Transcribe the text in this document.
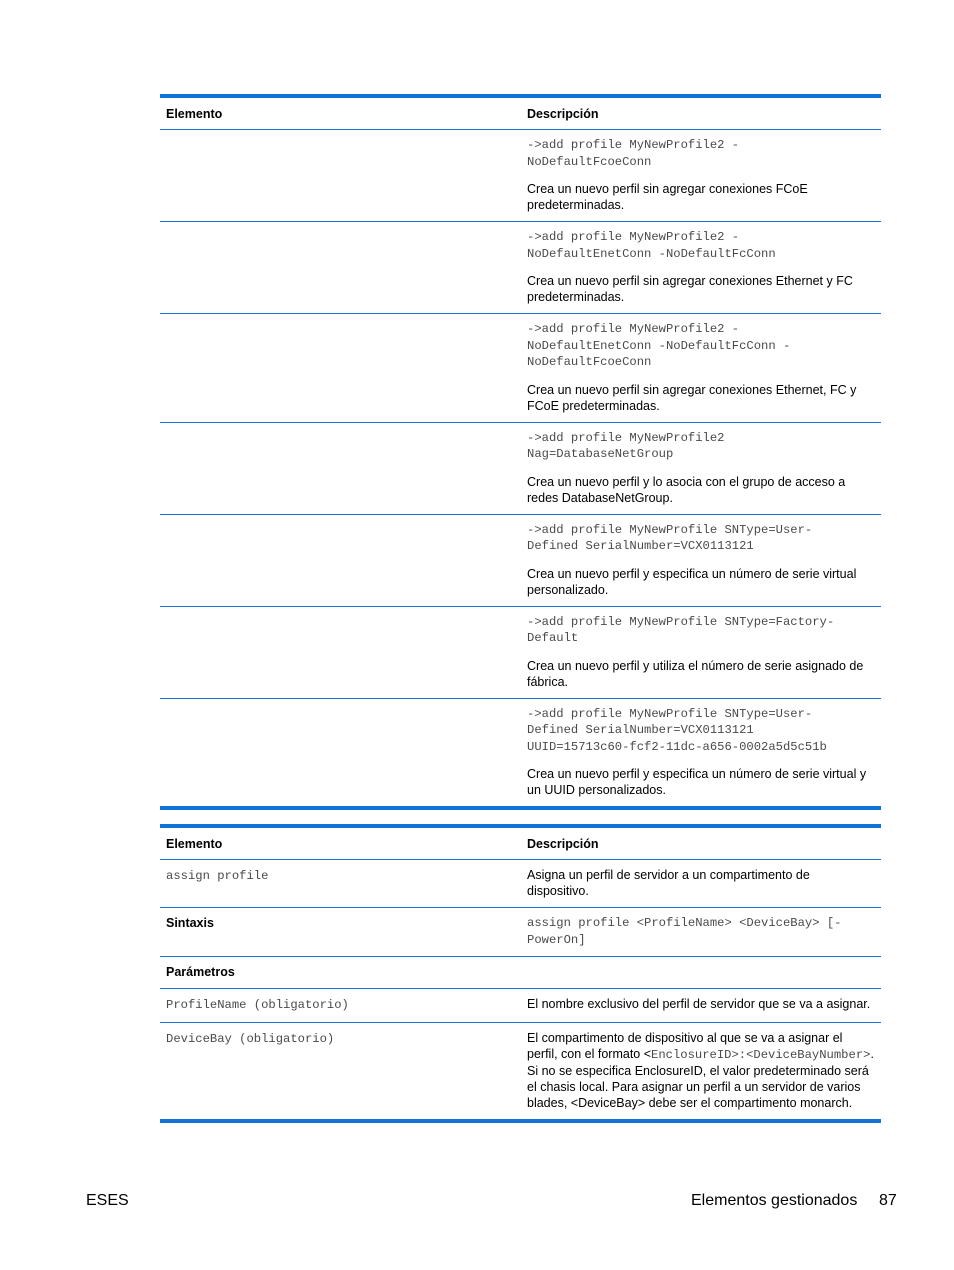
Elemento	Descripción

	->add profile MyNewProfile2 -
NoDefaultFcoeConn
Crea un nuevo perfil sin agregar conexiones FCoE predeterminadas.

	->add profile MyNewProfile2 -
NoDefaultEnetConn -NoDefaultFcConn
Crea un nuevo perfil sin agregar conexiones Ethernet y FC predeterminadas.

	->add profile MyNewProfile2 -
NoDefaultEnetConn -NoDefaultFcConn -
NoDefaultFcoeConn
Crea un nuevo perfil sin agregar conexiones Ethernet, FC y FCoE predeterminadas.

	->add profile MyNewProfile2
Nag=DatabaseNetGroup
Crea un nuevo perfil y lo asocia con el grupo de acceso a redes DatabaseNetGroup.

	->add profile MyNewProfile SNType=User-
Defined SerialNumber=VCX0113121
Crea un nuevo perfil y especifica un número de serie virtual personalizado.

	->add profile MyNewProfile SNType=Factory-
Default
Crea un nuevo perfil y utiliza el número de serie asignado de fábrica.

	->add profile MyNewProfile SNType=User-
Defined SerialNumber=VCX0113121
UUID=15713c60-fcf2-11dc-a656-0002a5d5c51b
Crea un nuevo perfil y especifica un número de serie virtual y un UUID personalizados.
Elemento	Descripción
assign profile	Asigna un perfil de servidor a un compartimento de dispositivo.
Sintaxis	assign profile <ProfileName> <DeviceBay> [-
PowerOn]

Parámetros	
ProfileName (obligatorio)	El nombre exclusivo del perfil de servidor que se va a asignar.
DeviceBay (obligatorio)	El compartimento de dispositivo al que se va a asignar el perfil, con el formato <EnclosureID>:<DeviceBayNumber>. Si no se especifica EnclosureID, el valor predeterminado será el chasis local. Para asignar un perfil a un servidor de varios blades, <DeviceBay> debe ser el compartimento monarch.
ESES	Elementos gestionados 87
